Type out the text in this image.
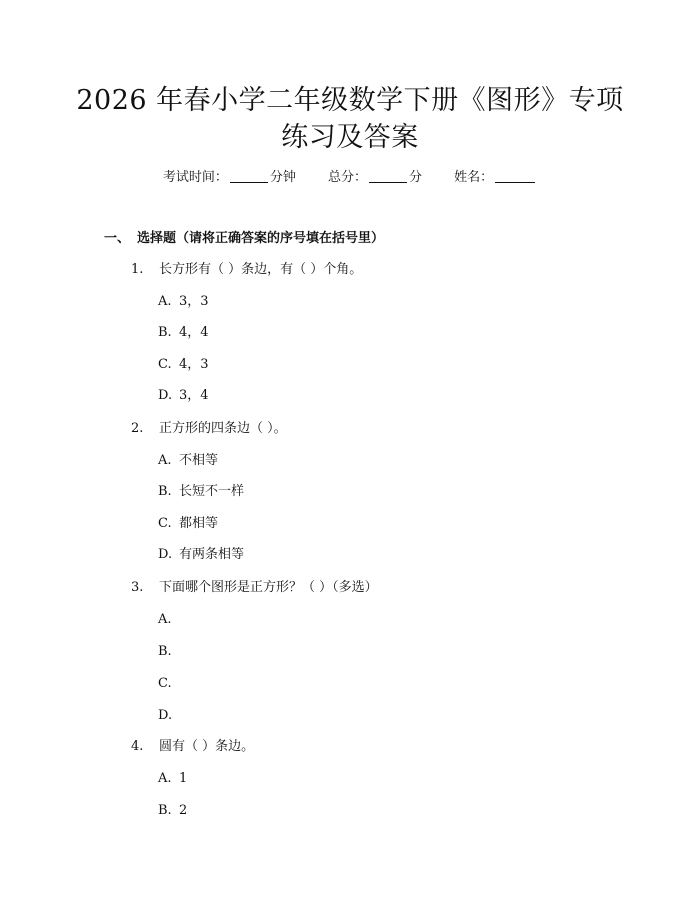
2026 年春小学二年级数学下册《图形》专项
练习及答案
考试时间：	分钟 总分：	分 姓名：
一、 选择题（请将正确答案的序号填在括号里）
1. 长方形有（ ）条边，有（ ）个角。
A. 3，3
B. 4，4
C. 4，3
D. 3，4
2. 正方形的四条边（ ）。
A. 不相等
B. 长短不一样
C. 都相等
D. 有两条相等
3. 下面哪个图形是正方形？（ ）（多选）
A.
B.
C.
D.
4. 圆有（ ）条边。
A. 1
B. 2
